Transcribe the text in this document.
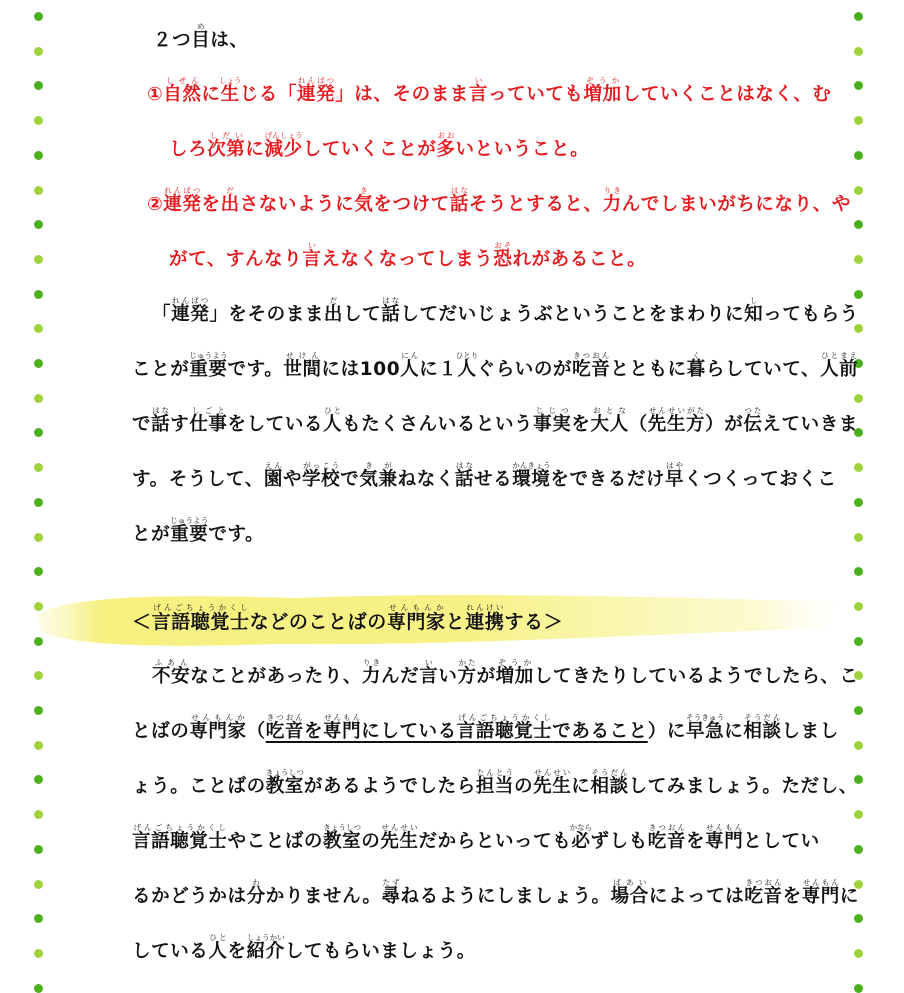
２つ目めは、
①自然しぜんに生しょうじる「連発れんぱつ」は、そのまま言いっていても増加ぞうかしていくことはなく、む
しろ次第しだいに減少げんしょうしていくことが多おおいということ。
②連発れんぱつを出ださないように気きをつけて話はなそうとすると、力りきんでしまいがちになり、や
がて、すんなり言いえなくなってしまう恐おそれがあること。
「連発れんぱつ」をそのまま出だして話はなしてだいじょうぶということをまわりに知しってもらう
ことが重要じゅうようです。世間せけんには100人にんに１人ひとりぐらいのが吃音きつおんとともに暮くらしていて、人前ひとまえ
で話はなす仕事しごとをしている人ひともたくさんいるという事実じじつを大人おとな（先生方せんせいがた）が伝つたえていきま
す。そうして、園えんや学校がっこうで気兼きがねなく話はなせる環境かんきょうをできるだけ早はやくつくっておくこ
とが重要じゅうようです。
＜言語聴覚士げんごちょうかくしなどのことばの専門家せんもんかと連携れんけいする＞
不安ふあんなことがあったり、力りきんだ言いい方かたが増加ぞうかしてきたりしているようでしたら、こ
とばの専門家せんもんか（吃音きつおんを専門せんもんにしている言語聴覚士げんごちょうかくしであること）に早急そうきゅうに相談そうだんしまし
ょう。ことばの教室きょうしつがあるようでしたら担当たんとうの先生せんせいに相談そうだんしてみましょう。ただし、
言語聴覚士げんごちょうかくしやことばの教室きょうしつの先生せんせいだからといっても必かならずしも吃音きつおんを専門せんもんとしてい
るかどうかは分わかりません。尋たずねるようにしましょう。場合ばあいによっては吃音きつおんを専門せんもんに
している人ひとを紹介しょうかいしてもらいましょう。
